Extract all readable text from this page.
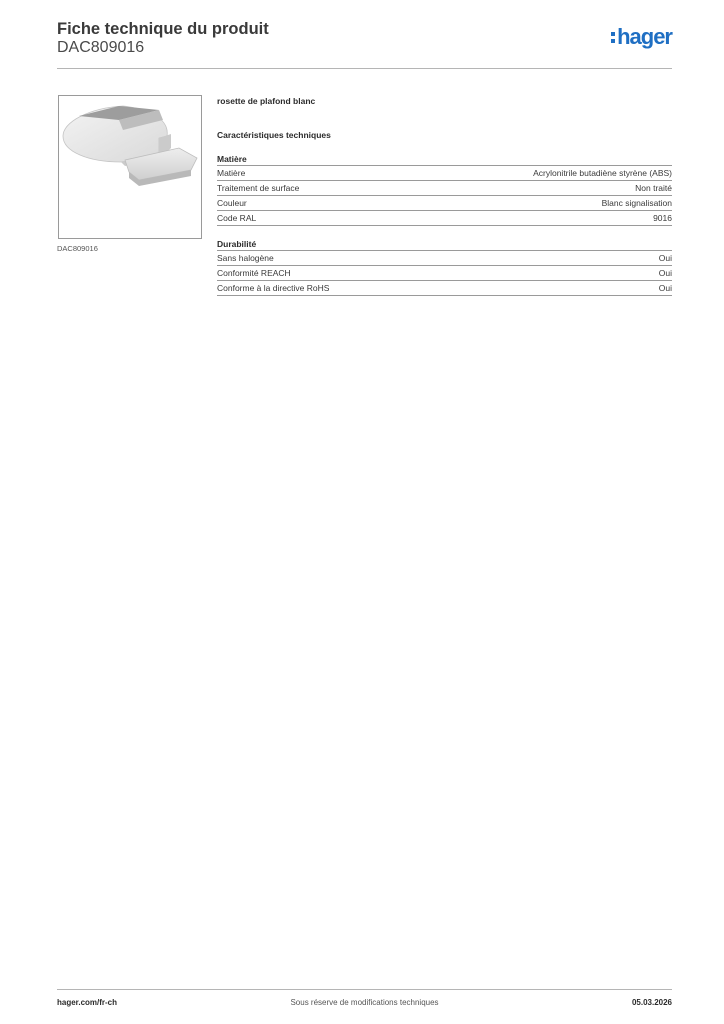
Fiche technique du produit
DAC809016	hager
DAC809016
rosette de plafond blanc
Caractéristiques techniques
Matière
Matière	Acrylonitrile butadiène styrène (ABS)
Traitement de surface	Non traité
Couleur	Blanc signalisation
Code RAL	9016
Durabilité
Sans halogène	Oui
Conformité REACH	Oui
Conforme à la directive RoHS	Oui
hager.com/fr-ch	Sous réserve de modifications techniques	05.03.2026
